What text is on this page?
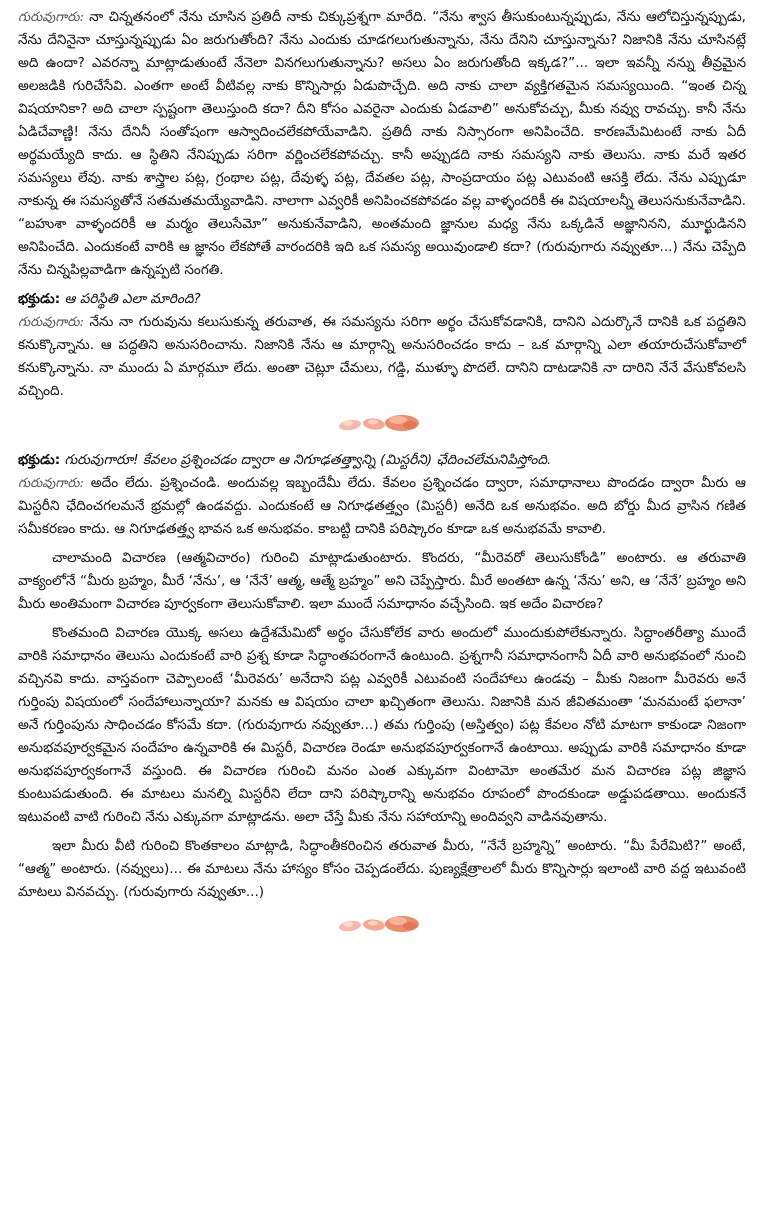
గురువుగారు: నా చిన్నతనంలో నేను చూసిన ప్రతిదీ నాకు చిక్కుప్రశ్నగా మారేది. “నేను శ్వాస తీసుకుంటున్నప్పుడు, నేను ఆలోచిస్తున్నప్పుడు, నేను దేనినైనా చూస్తున్నప్పుడు ఏం జరుగుతోంది? నేను ఎందుకు చూడగలుగుతున్నాను, నేను దేనిని చూస్తున్నాను? నిజానికి నేను చూసినట్లే అది ఉందా? ఎవరన్నా మాట్లాడుతుంటే నేనెలా వినగలుగుతున్నాను? అసలు ఏం జరుగుతోంది ఇక్కడ?”... ఇలా ఇవన్నీ నన్ను తీవ్రమైన అలజడికి గురిచేసేవి. ఎంతగా అంటే వీటివల్ల నాకు కొన్నిసార్లు ఏడుపొచ్చేది. అది నాకు చాలా వ్యక్తిగతమైన సమస్యయింది. “ఇంత చిన్న విషయానికా? అది చాలా స్పష్టంగా తెలుస్తుంది కదా? దీని కోసం ఎవరైనా ఎందుకు ఏడవాలి” అనుకోవచ్చు, మీకు నవ్వు రావచ్చు. కానీ నేను ఏడిచేవాణ్ణి! నేను దేనినీ సంతోషంగా ఆస్వాదించలేకపోయేవాడిని. ప్రతిదీ నాకు నిస్సారంగా అనిపించేది. కారణమేమిటంటే నాకు ఏదీ అర్థమయ్యేది కాదు. ఆ స్థితిని నేనిప్పుడు సరిగా వర్ణించలేకపోవచ్చు. కానీ అప్పుడది నాకు సమస్యని నాకు తెలుసు. నాకు మరే ఇతర సమస్యలు లేవు. నాకు శాస్త్రాల పట్ల, గ్రంథాల పట్ల, దేవుళ్ళ పట్ల, దేవతల పట్ల, సాంప్రదాయం పట్ల ఎటువంటి ఆసక్తి లేదు. నేను ఎప్పుడూ నాకున్న ఈ సమస్యతోనే సతమతమయ్యేవాడిని. నాలాగా ఎవ్వరికీ అనిపించకపోవడం వల్ల వాళ్ళందరికీ ఈ విషయాలన్నీ తెలుసనుకునేవాడిని. “బహుశా వాళ్ళందరికీ ఆ మర్మం తెలుసేమో” అనుకునేవాడిని, అంతమంది జ్ఞానుల మధ్య నేను ఒక్కడినే అజ్ఞానినని, మూర్ఖుడినని అనిపించేది. ఎందుకంటే వారికి ఆ జ్ఞానం లేకపోతే వారందరికి ఇది ఒక సమస్య అయివుండాలి కదా? (గురువుగారు నవ్వుతూ...) నేను చెప్పేది నేను చిన్నపిల్లవాడిగా ఉన్నప్పటి సంగతి.

భక్తుడు: ఆ పరిస్థితి ఎలా మారింది?

గురువుగారు: నేను నా గురువును కలుసుకున్న తరువాత, ఈ సమస్యను సరిగా అర్థం చేసుకోవడానికి, దానిని ఎదుర్కొనే దానికి ఒక పద్ధతిని కనుక్కొన్నాను. ఆ పద్ధతిని అనుసరించాను. నిజానికి నేను ఆ మార్గాన్ని అనుసరించడం కాదు – ఒక మార్గాన్ని ఎలా తయారుచేసుకోవాలో కనుక్కొన్నాను. నా ముందు ఏ మార్గమూ లేదు. అంతా చెట్లూ చేమలు, గడ్డి, ముళ్ళూ పొదలే. దానిని దాటడానికి నా దారిని నేనే వేసుకోవలసి వచ్చింది.

భక్తుడు: గురువుగారూ! కేవలం ప్రశ్నించడం ద్వారా ఆ నిగూఢతత్త్వాన్ని (మిస్టరీని) ఛేదించలేమనిపిస్తోంది.

గురువుగారు: అదేం లేదు. ప్రశ్నించండి. అందువల్ల ఇబ్బందేమీ లేదు. కేవలం ప్రశ్నించడం ద్వారా, సమాధానాలు పొందడం ద్వారా మీరు ఆ మిస్టరీని ఛేదించగలమనే భ్రమల్లో ఉండవద్దు. ఎందుకంటే ఆ నిగూఢతత్త్వం (మిస్టరీ) అనేది ఒక అనుభవం. అది బోర్డు మీద వ్రాసిన గణిత సమీకరణం కాదు. ఆ నిగూఢతత్త్వ భావన ఒక అనుభవం. కాబట్టి దానికి పరిష్కారం కూడా ఒక అనుభవమే కావాలి.

చాలామంది విచారణ (ఆత్మవిచారం) గురించి మాట్లాడుతుంటారు. కొందరు, “మీరెవరో తెలుసుకోండి” అంటారు. ఆ తరువాతి వాక్యంలోనే “మీరు బ్రహ్మం, మీరే ‘నేను’, ఆ ‘నేనే’ ఆత్మ, ఆత్మే బ్రహ్మం” అని చెప్పేస్తారు. మీరే అంతటా ఉన్న ‘నేను’ అని, ఆ ‘నేనే’ బ్రహ్మం అని మీరు అంతిమంగా విచారణ పూర్వకంగా తెలుసుకోవాలి. ఇలా ముందే సమాధానం వచ్చేసింది. ఇక అదేం విచారణ?

కొంతమంది విచారణ యొక్క అసలు ఉద్దేశమేమిటో అర్థం చేసుకోలేక వారు అందులో ముందుకుపోలేకున్నారు. సిద్ధాంతరీత్యా ముందే వారికి సమాధానం తెలుసు ఎందుకంటే వారి ప్రశ్న కూడా సిద్ధాంతపరంగానే ఉంటుంది. ప్రశ్నగానీ సమాధానంగానీ ఏదీ వారి అనుభవంలో నుంచి వచ్చినవి కాదు. వాస్తవంగా చెప్పాలంటే ‘మీరెవరు’ అనేదాని పట్ల ఎవ్వరికీ ఎటువంటి సందేహాలు ఉండవు – మీకు నిజంగా మీరెవరు అనే గుర్తింపు విషయంలో సందేహాలున్నాయా? మనకు ఆ విషయం చాలా ఖచ్చితంగా తెలుసు. నిజానికి మన జీవితమంతా ‘మనమంటే ఫలానా’ అనే గుర్తింపును సాధించడం కోసమే కదా. (గురువుగారు నవ్వుతూ...) తమ గుర్తింపు (అస్తిత్వం) పట్ల కేవలం నోటి మాటగా కాకుండా నిజంగా అనుభవపూర్వకమైన సందేహం ఉన్నవారికి ఈ మిస్టరీ, విచారణ రెండూ అనుభవపూర్వకంగానే ఉంటాయి. అప్పుడు వారికి సమాధానం కూడా అనుభవపూర్వకంగానే వస్తుంది. ఈ విచారణ గురించి మనం ఎంత ఎక్కువగా వింటామో అంతమేర మన విచారణ పట్ల జిజ్ఞాస కుంటుపడుతుంది. ఈ మాటలు మనల్ని మిస్టరీని లేదా దాని పరిష్కారాన్ని అనుభవం రూపంలో పొందకుండా అడ్డుపడతాయి. అందుకనే ఇటువంటి వాటి గురించి నేను ఎక్కువగా మాట్లాడను. అలా చేస్తే మీకు నేను సహాయాన్ని అందివ్వని వాడినవుతాను.

ఇలా మీరు వీటి గురించి కొంతకాలం మాట్లాడి, సిద్ధాంతీకరించిన తరువాత మీరు, “నేనే బ్రహ్మన్ని” అంటారు. “మీ పేరేమిటి?” అంటే, “ఆత్మ” అంటారు. (నవ్వులు)... ఈ మాటలు నేను హాస్యం కోసం చెప్పడంలేదు. పుణ్యక్షేత్రాలలో మీరు కొన్నిసార్లు ఇలాంటి వారి వద్ద ఇటువంటి మాటలు వినవచ్చు. (గురువుగారు నవ్వుతూ...)
